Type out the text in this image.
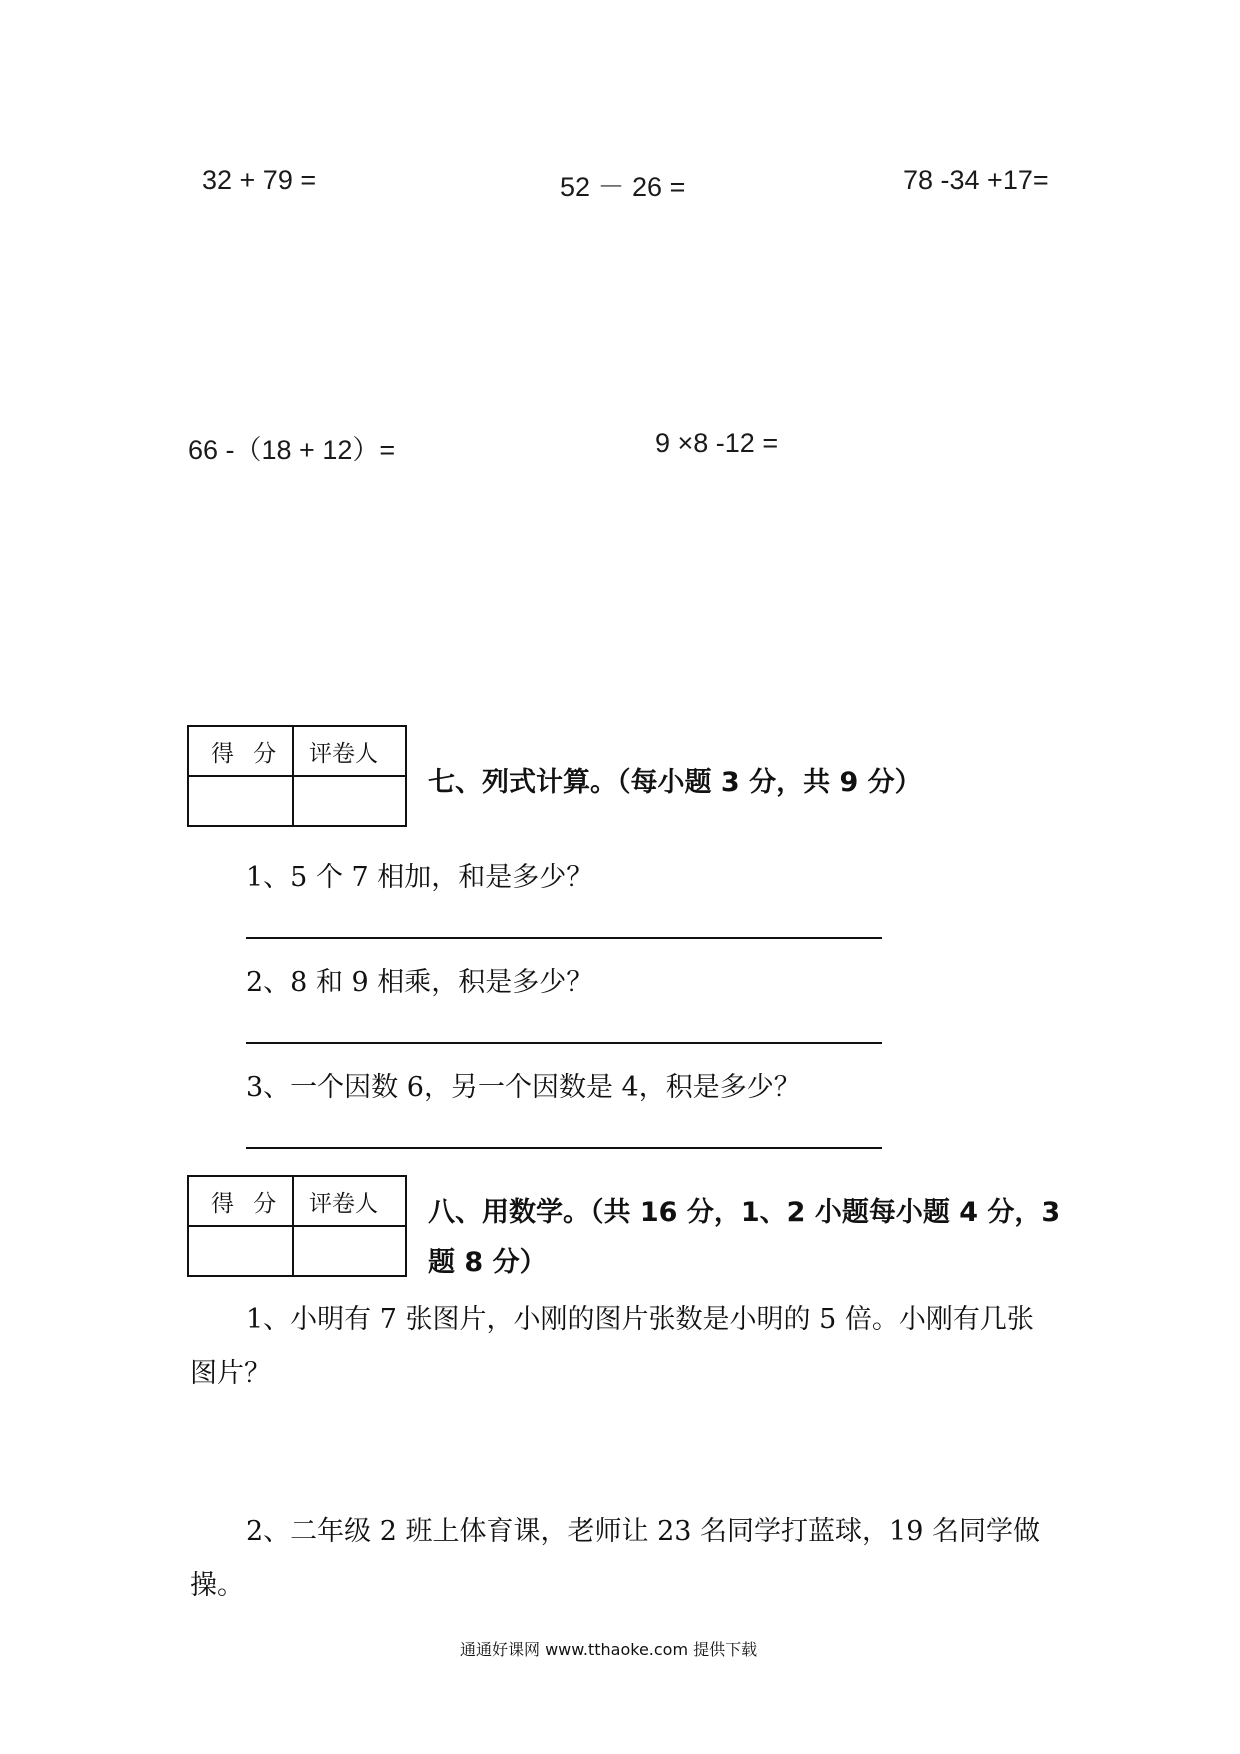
32 + 79 =	52 － 26 =	78 -34 +17=
66 -（18 + 12）=	9 ×8 -12 =
得 分 评卷人
七、列式计算。（每小题 3 分，共 9 分）
1、5 个 7 相加，和是多少？
2、8 和 9 相乘，积是多少？
3、一个因数 6，另一个因数是 4，积是多少？
得 分 评卷人 八、用数学。（共 16 分，1、2 小题每小题 4 分，3
题 8 分）
1、小明有 7 张图片，小刚的图片张数是小明的 5 倍。小刚有几张图片？
2、二年级 2 班上体育课，老师让 23 名同学打蓝球，19 名同学做操。
通通好课网 www.tthaoke.com 提供下载
